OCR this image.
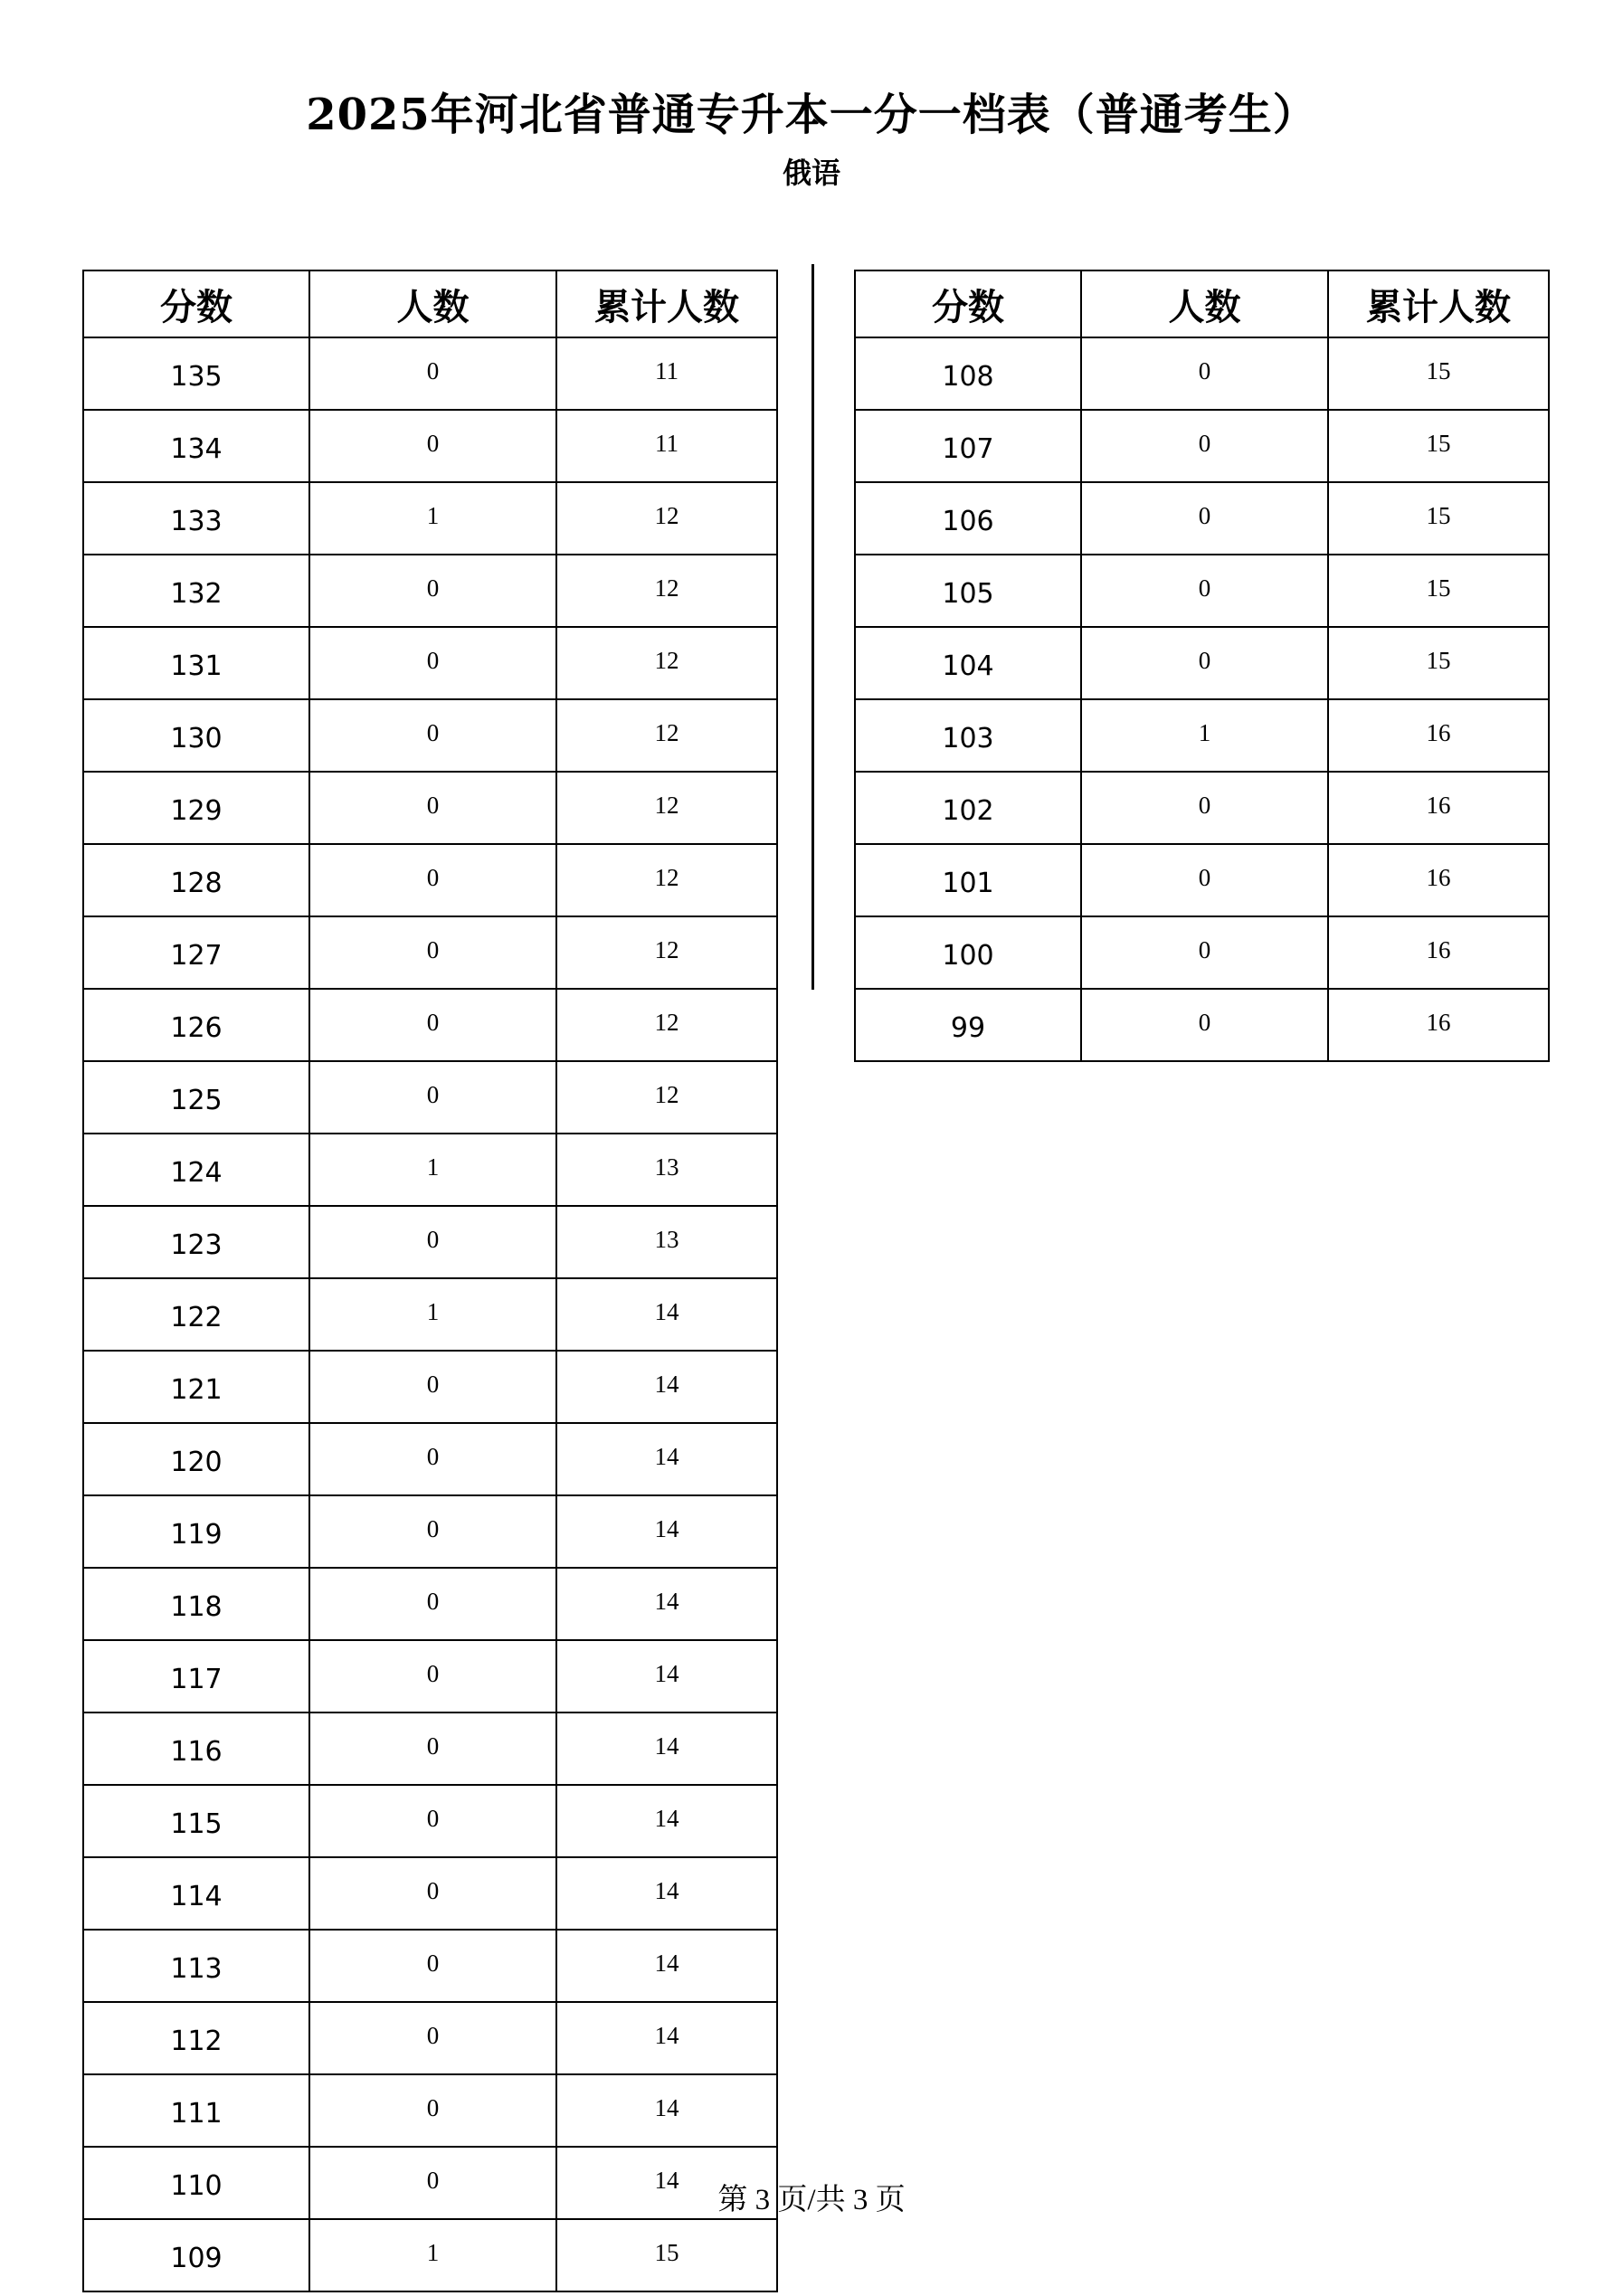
2025年河北省普通专升本一分一档表（普通考生）
俄语
分数	人数	累计人数
135	0	11
134	0	11
133	1	12
132	0	12
131	0	12
130	0	12
129	0	12
128	0	12
127	0	12
126	0	12
125	0	12
124	1	13
123	0	13
122	1	14
121	0	14
120	0	14
119	0	14
118	0	14
117	0	14
116	0	14
115	0	14
114	0	14
113	0	14
112	0	14
111	0	14
110	0	14
109	1	15
分数	人数	累计人数
108	0	15
107	0	15
106	0	15
105	0	15
104	0	15
103	1	16
102	0	16
101	0	16
100	0	16
99	0	16
第 3 页/共 3 页
